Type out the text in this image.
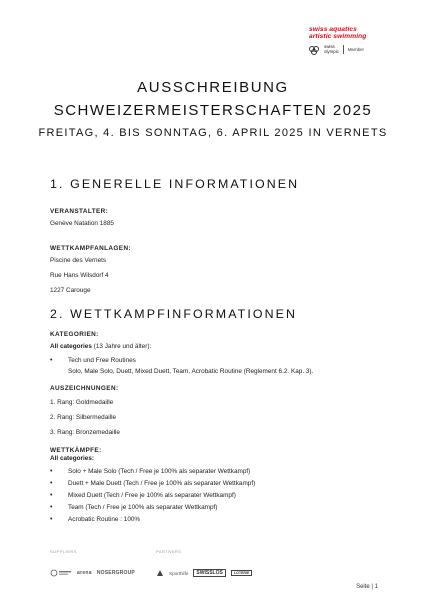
swiss aquatics
artistic swimming
swiss
olympic Member
AUSSCHREIBUNG
SCHWEIZERMEISTERSCHAFTEN 2025
FREITAG, 4. BIS SONNTAG, 6. APRIL 2025 IN VERNETS
1. GENERELLE INFORMATIONEN
VERANSTALTER:
Genève Natation 1885
WETTKAMPFANLAGEN:
Piscine des Vernets
Rue Hans Wilsdorf 4
1227 Carouge
2. WETTKAMPFINFORMATIONEN
KATEGORIEN:
All categories (13 Jahre und älter):
•	Tech und Free Routines
Solo, Male Solo, Duett, Mixed Duett, Team, Acrobatic Routine (Reglement 6.2. Kap. 3).
AUSZEICHNUNGEN:
1. Rang: Goldmedaille
2. Rang: Silbermedaille
3. Rang: Bronzemedaille
WETTKÄMPFE:
All categories:
•	Solo + Male Solo (Tech / Free je 100% als separater Wettkampf)
•	Duett + Male Duett (Tech / Free je 100% als separater Wettkampf)
•	Mixed Duett (Tech / Free je 100% als separater Wettkampf)
•	Team (Tech / Free je 100% als separater Wettkampf)
•	Acrobatic Routine : 100%
SUPPLIERS	PARTNERS
arena NOSERGROUP	Sporthilfe	SWISSLOS	LOTERIE
Seite | 1
